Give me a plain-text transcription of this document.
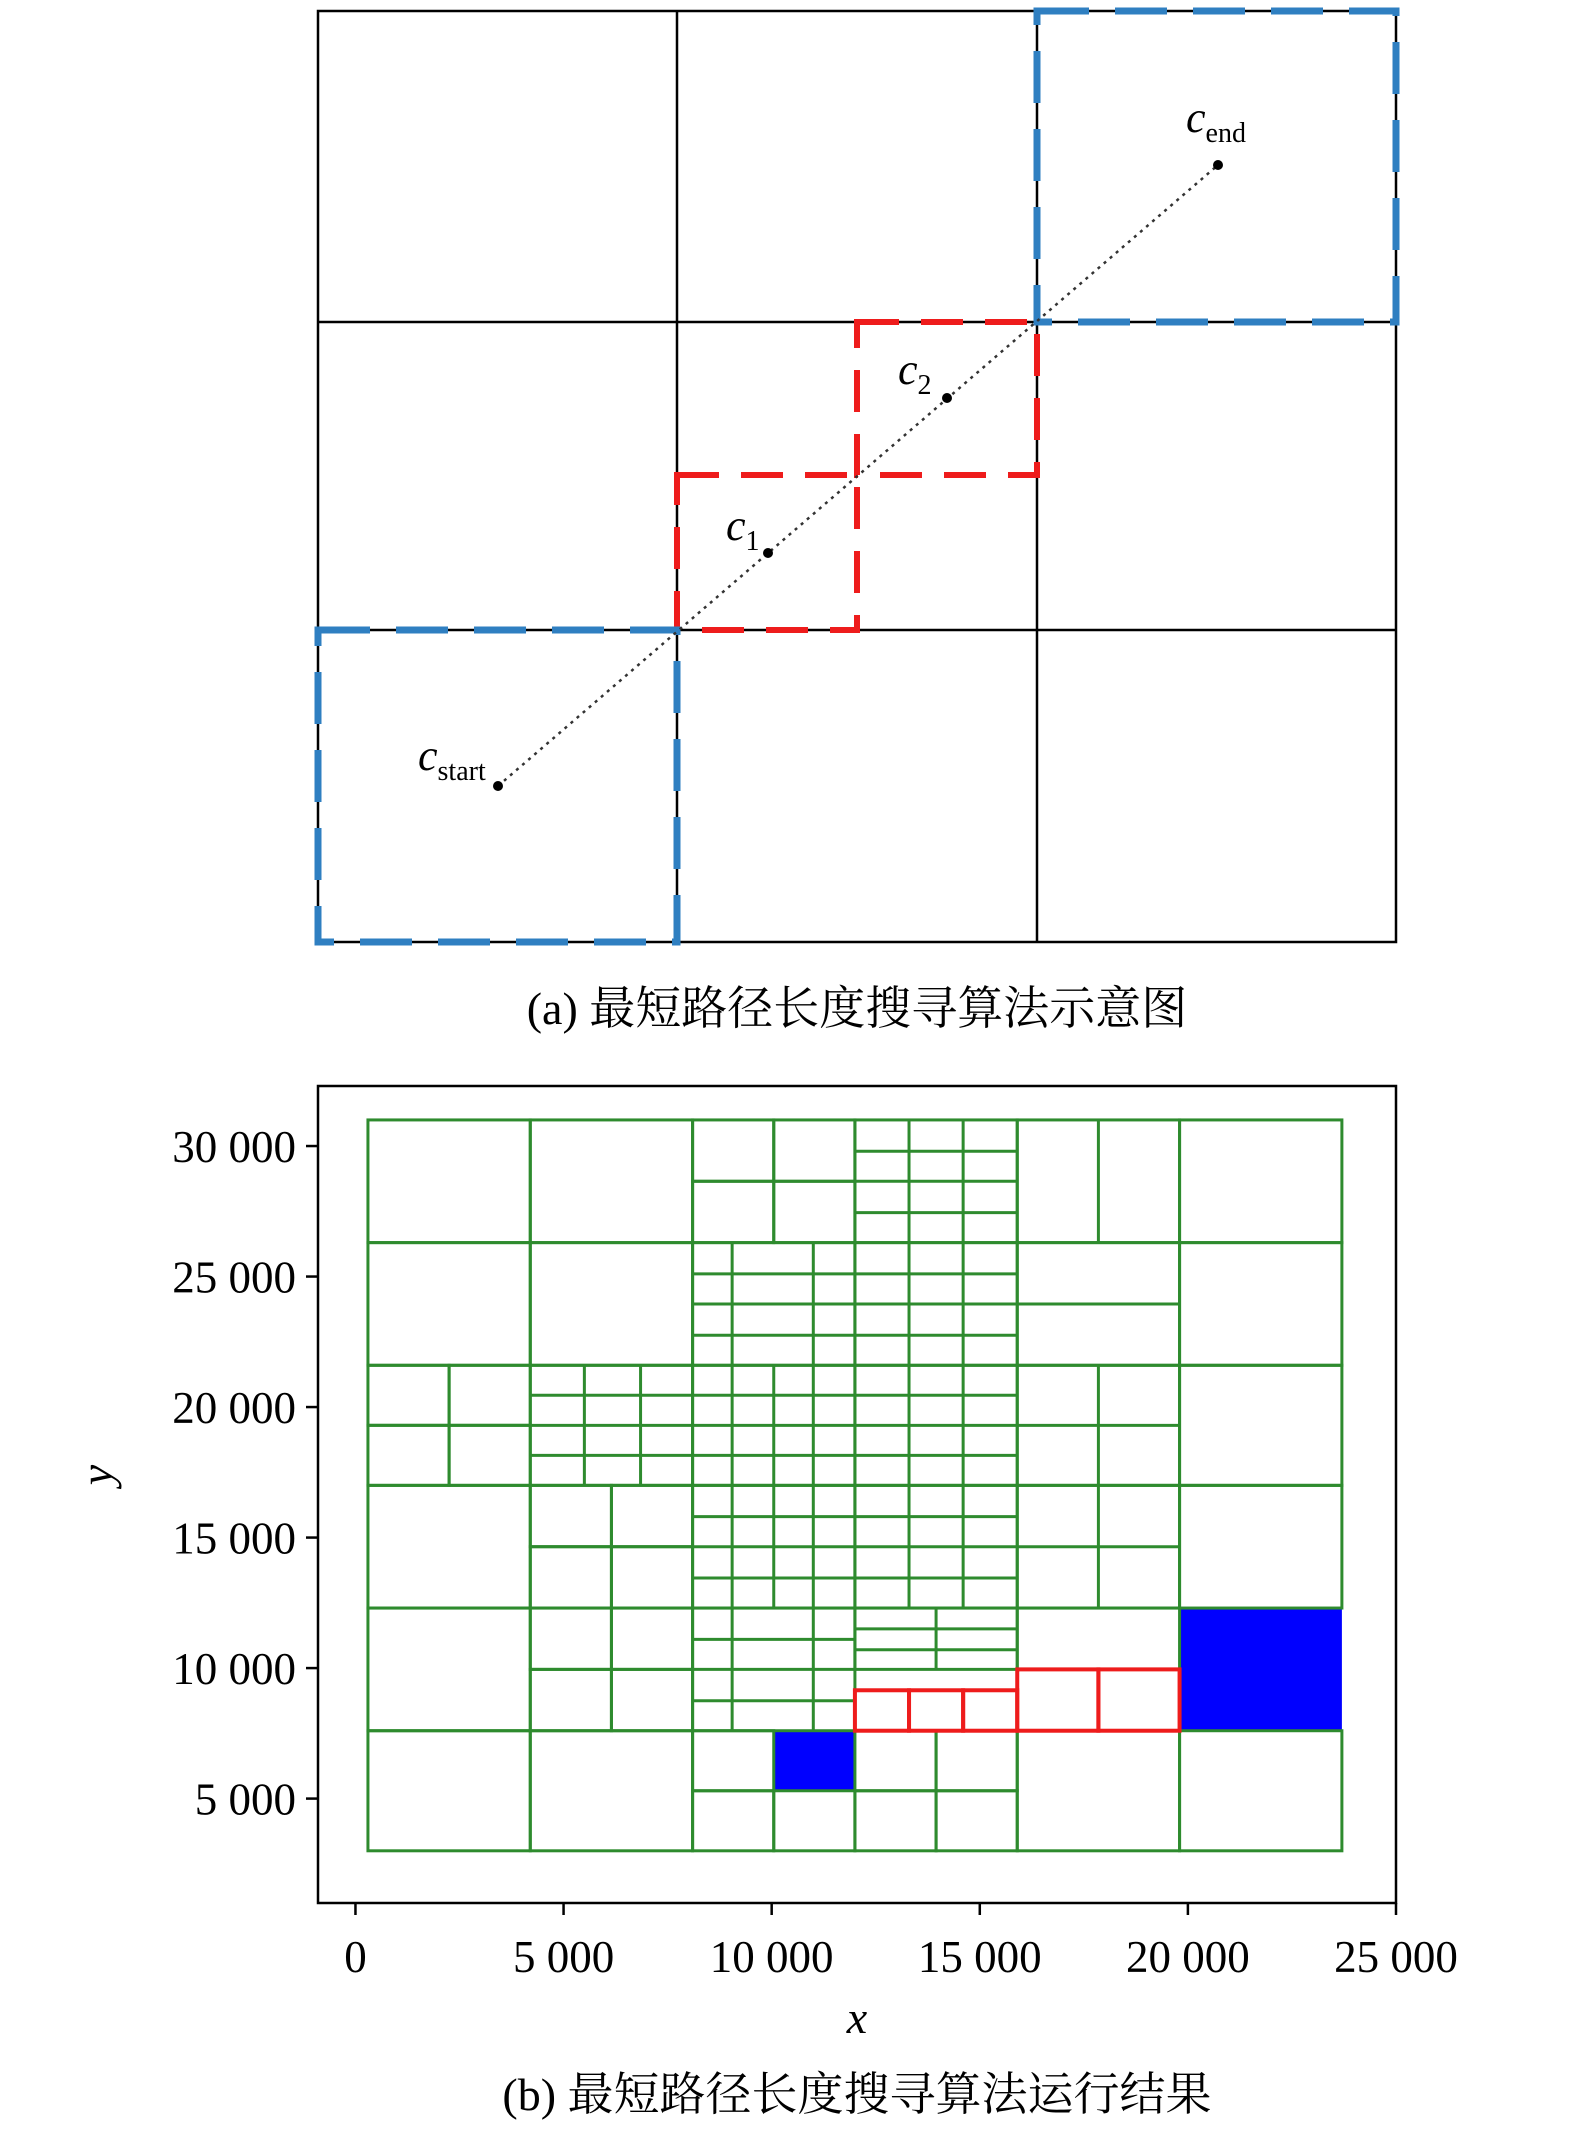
$c_{start}$
$c_1$
$c_2$
$c_{end}$
(a) 最短路径长度搜寻算法示意图
0	5 000 10 000 15 000 20 000 25 000
5 000
10 000
15 000
20 000
25 000
30 000
x
y
(b) 最短路径长度搜寻算法运行结果
